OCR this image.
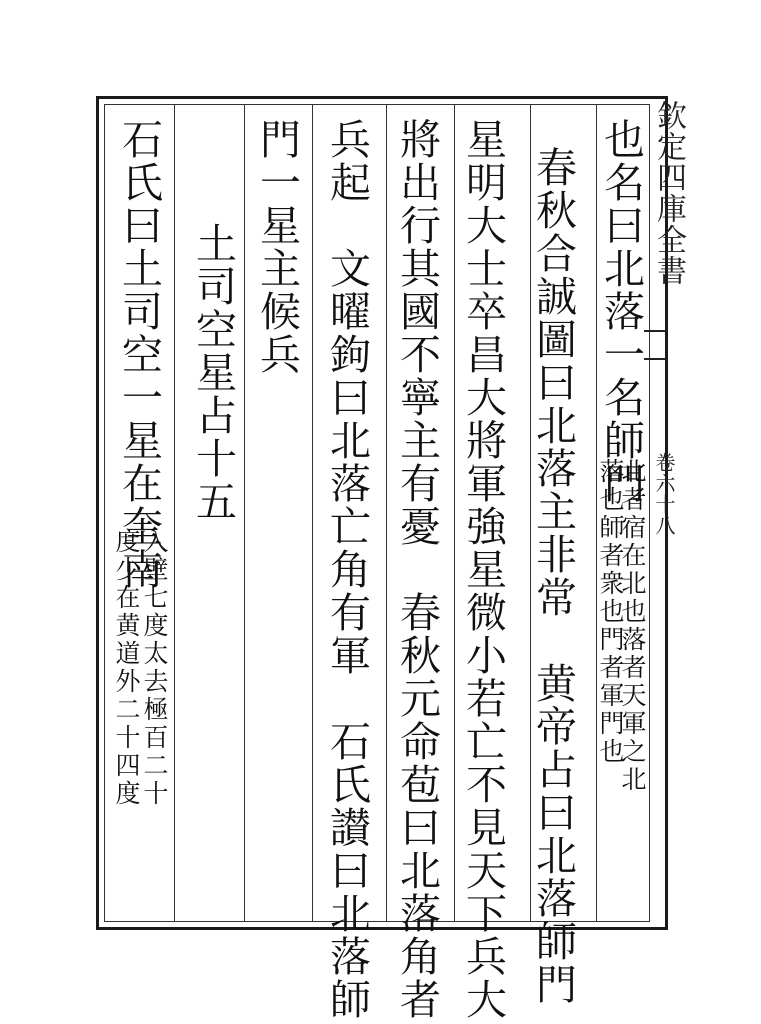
欽定四庫全書
卷六十八
也名曰北落一名師門
北者宿在北也落者天軍之北
落也師者衆也門者軍門也
春秋合誠圖曰北落主非常　黄帝占曰北落師門
星明大士卒昌大將軍強星微小若亡不見天下兵大
將出行其國不寧主有憂　春秋元命苞曰北落角者
兵起　文曜鉤曰北落亡角有軍　石氏讃曰北落師
門一星主候兵
土司空星占十五
石氏曰土司空一星在奎南
入壁七度太去極百二十
度少在黄道外二十四度
